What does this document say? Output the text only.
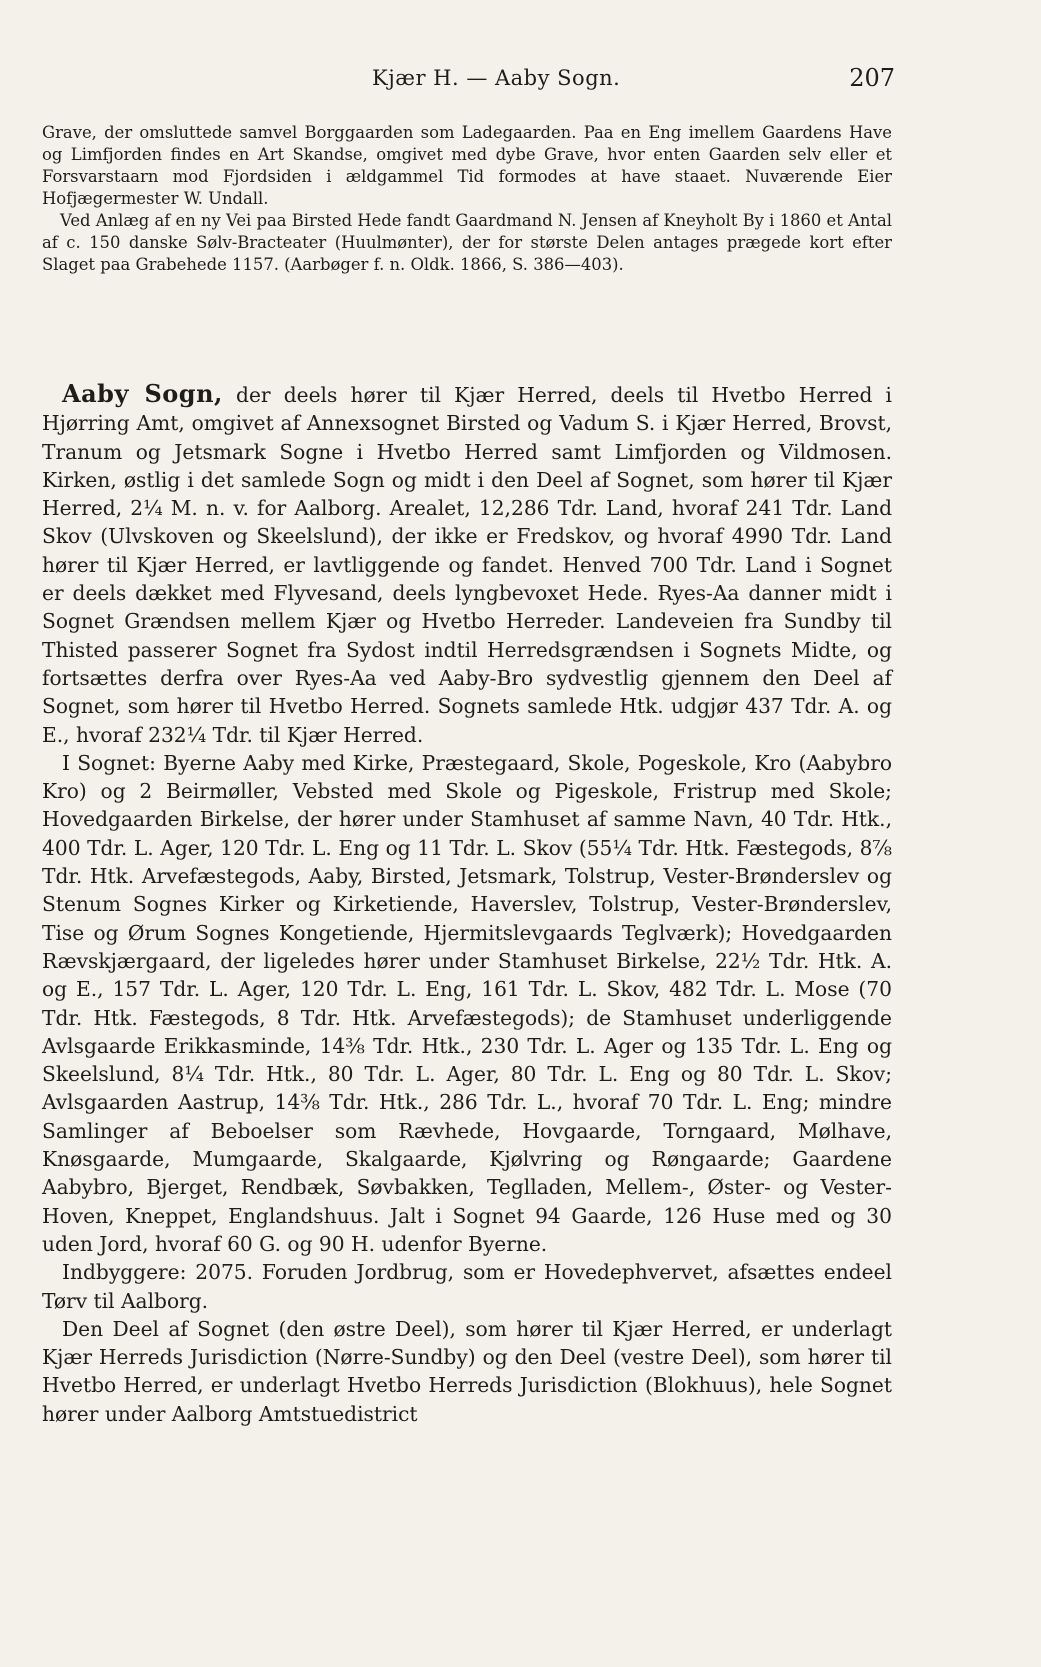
Kjær H. — Aaby Sogn.	207

Grave, der omsluttede samvel Borggaarden som Ladegaarden. Paa en Eng imellem Gaardens Have og Limfjorden findes en Art Skandse, omgivet med dybe Grave, hvor enten Gaarden selv eller et Forsvarstaarn mod Fjordsiden i ældgammel Tid formodes at have staaet. Nuværende Eier Hofjægermester W. Undall.

Ved Anlæg af en ny Vei paa Birsted Hede fandt Gaardmand N. Jensen af Kneyholt By i 1860 et Antal af c. 150 danske Sølv-Bracteater (Huulmønter), der for største Delen antages prægede kort efter Slaget paa Grabehede 1157. (Aarbøger f. n. Oldk. 1866, S. 386—403).

Aaby Sogn, der deels hører til Kjær Herred, deels til Hvetbo Herred i Hjørring Amt, omgivet af Annexsognet Birsted og Vadum S. i Kjær Herred, Brovst, Tranum og Jetsmark Sogne i Hvetbo Herred samt Limfjorden og Vildmosen. Kirken, østlig i det samlede Sogn og midt i den Deel af Sognet, som hører til Kjær Herred, 2¼ M. n. v. for Aalborg. Arealet, 12,286 Tdr. Land, hvoraf 241 Tdr. Land Skov (Ulvskoven og Skeelslund), der ikke er Fredskov, og hvoraf 4990 Tdr. Land hører til Kjær Herred, er lavtliggende og fandet. Henved 700 Tdr. Land i Sognet er deels dækket med Flyvesand, deels lyngbevoxet Hede. Ryes-Aa danner midt i Sognet Grændsen mellem Kjær og Hvetbo Herreder. Landeveien fra Sundby til Thisted passerer Sognet fra Sydost indtil Herredsgrændsen i Sognets Midte, og fortsættes derfra over Ryes-Aa ved Aaby-Bro sydvestlig gjennem den Deel af Sognet, som hører til Hvetbo Herred. Sognets samlede Htk. udgjør 437 Tdr. A. og E., hvoraf 232¼ Tdr. til Kjær Herred.

I Sognet: Byerne Aaby med Kirke, Præstegaard, Skole, Pogeskole, Kro (Aabybro Kro) og 2 Beirmøller, Vebsted med Skole og Pigeskole, Fristrup med Skole; Hovedgaarden Birkelse, der hører under Stamhuset af samme Navn, 40 Tdr. Htk., 400 Tdr. L. Ager, 120 Tdr. L. Eng og 11 Tdr. L. Skov (55¼ Tdr. Htk. Fæstegods, 8⅞ Tdr. Htk. Arvefæstegods, Aaby, Birsted, Jetsmark, Tolstrup, Vester-Brønderslev og Stenum Sognes Kirker og Kirketiende, Haverslev, Tolstrup, Vester-Brønderslev, Tise og Ørum Sognes Kongetiende, Hjermitslevgaards Teglværk); Hovedgaarden Rævskjærgaard, der ligeledes hører under Stamhuset Birkelse, 22½ Tdr. Htk. A. og E., 157 Tdr. L. Ager, 120 Tdr. L. Eng, 161 Tdr. L. Skov, 482 Tdr. L. Mose (70 Tdr. Htk. Fæstegods, 8 Tdr. Htk. Arvefæstegods); de Stamhuset underliggende Avlsgaarde Erikkasminde, 14⅜ Tdr. Htk., 230 Tdr. L. Ager og 135 Tdr. L. Eng og Skeelslund, 8¼ Tdr. Htk., 80 Tdr. L. Ager, 80 Tdr. L. Eng og 80 Tdr. L. Skov; Avlsgaarden Aastrup, 14⅜ Tdr. Htk., 286 Tdr. L., hvoraf 70 Tdr. L. Eng; mindre Samlinger af Beboelser som Rævhede, Hovgaarde, Torngaard, Mølhave, Knøsgaarde, Mumgaarde, Skalgaarde, Kjølvring og Røngaarde; Gaardene Aabybro, Bjerget, Rendbæk, Søvbakken, Teglladen, Mellem-, Øster- og Vester-Hoven, Kneppet, Englandshuus. Jalt i Sognet 94 Gaarde, 126 Huse med og 30 uden Jord, hvoraf 60 G. og 90 H. udenfor Byerne.

Indbyggere: 2075. Foruden Jordbrug, som er Hovedерhvervet, afsættes endeel Tørv til Aalborg.

Den Deel af Sognet (den østre Deel), som hører til Kjær Herred, er underlagt Kjær Herreds Jurisdiction (Nørre-Sundby) og den Deel (vestre Deel), som hører til Hvetbo Herred, er underlagt Hvetbo Herreds Jurisdiction (Blokhuus), hele Sognet hører under Aalborg Amtstuedistrict
